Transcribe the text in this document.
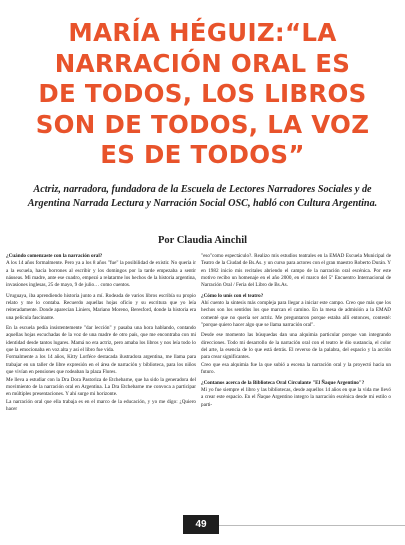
MARÍA HÉGUIZ:“LA
NARRACIÓN ORAL ES
DE TODOS, LOS LIBROS
SON DE TODOS, LA VOZ
ES DE TODOS”
Actriz, narradora, fundadora de la Escuela de Lectores Narradores Sociales y de Argentina Narrada Lectura y Narración Social OSC, habló con Cultura Argentina.
Por Claudia Ainchil

¿Cuándo comenzaste con la narración oral?

A los 14 años formalmente. Pero ya a los 8 años "fue" la posibilidad de existir. No quería ir a la escuela, hacía borrones al escribir y los domingos por la tarde empezaba a sentir náuseas. Mi madre, ante ese cuadro, empezó a relatarme los hechos de la historia argentina, invasiones inglesas, 25 de mayo, 9 de julio… como cuentos.

Uruguaya, iba aprendiendo historia junto a mí. Rodeada de varios libros escribía su propio relato y me lo contaba. Recuerdo aquellas hojas oficio y su escritura que yo leía reiteradamente. Donde aparecían Liniers, Mariano Moreno, Beresford, donde la historia era una película fascinante.

En la escuela pedía insistentemente "dar lección" y pasaba una hora hablando, contando aquellas hojas escuchadas de la voz de una madre de otro país, que me encontraba con mi identidad desde tantos lugares. Mamá no era actriz, pero amaba los libros y nos leía todo lo que la emocionaba en voz alta y así el libro fue vida.

Formalmente a los 14 años, Kitty Lorféce destacada ilustradora argentina, me llama para trabajar en un taller de libre expresión en el área de narración y biblioteca, para los niños que vivían en pensiones que rodeaban la plaza Flores.

Me lleva a estudiar con la Dra Dora Pastoriza de Etchebarne, que ha sido la generadora del movimiento de la narración oral en Argentina. La Dra Etchebarne me convoca a participar en múltiples presentaciones. Y ahí surge mi horizonte.

La narración oral que ella trabaja es en el marco de la educación, y yo me digo: ¿Quiero hacer

"eso"como espectáculo?. Realizo mis estudios teatrales en la EMAD Escuela Municipal de Teatro de la Ciudad de Bs.As. y un curso para actores con el gran maestro Roberto Durán. Y en 1982 inicio mis recitales abriendo el campo de la narración oral escénica. Por este motivo recibo un homenaje en el año 2000, en el marco del 5º Encuentro Internacional de Narración Oral / Feria del Libro de Bs.As.

¿Cómo lo unís con el teatro?

Ahí cuento la síntesis más compleja para llegar a iniciar este campo. Creo que más que los hechos son los sentidos los que marcan el camino. En la mesa de admisión a la EMAD comenté que no quería ser actriz. Me preguntaron porque estaba allí entonces, contesté: "porque quiero hacer algo que se llama narración oral".

Desde ese momento las búsquedas dan una alquimia particular porque van integrando direcciones. Todo mi desarrollo de la narración oral con el teatro le dio sustancia, el color del arte, la esencia de lo que está detrás. El reverso de la palabra, del espacio y la acción para crear significantes.

Creo que esa alquimia fue la que subió a escena la narración oral y la proyectó hacia un futuro.

¿Contanos acerca de la Biblioteca Oral Circulante "El Ñaque Argentino"?

Mi yo fue siempre el libro y las bibliotecas, desde aquellos 14 años en que la vida me llevó a crear este espacio. En el Ñaque Argentino integro la narración escénica desde mi estilo o parti-

49
